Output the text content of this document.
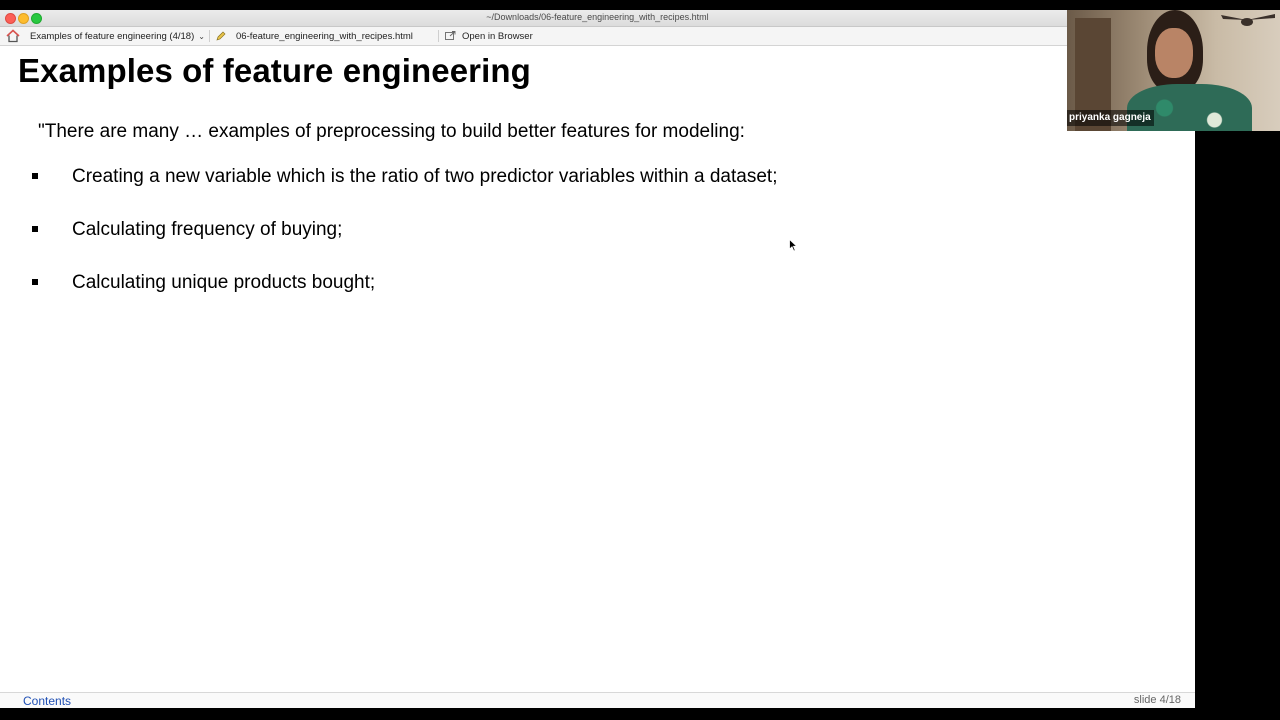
~/Downloads/06-feature_engineering_with_recipes.html
Examples of feature engineering (4/18) ⌄	06-feature_engineering_with_recipes.html	Open in Browser
Examples of feature engineering
"There are many … examples of preprocessing to build better features for modeling:
Creating a new variable which is the ratio of two predictor variables within a dataset;
Calculating frequency of buying;
Calculating unique products bought;
Contents	slide 4/18
priyanka gagneja
